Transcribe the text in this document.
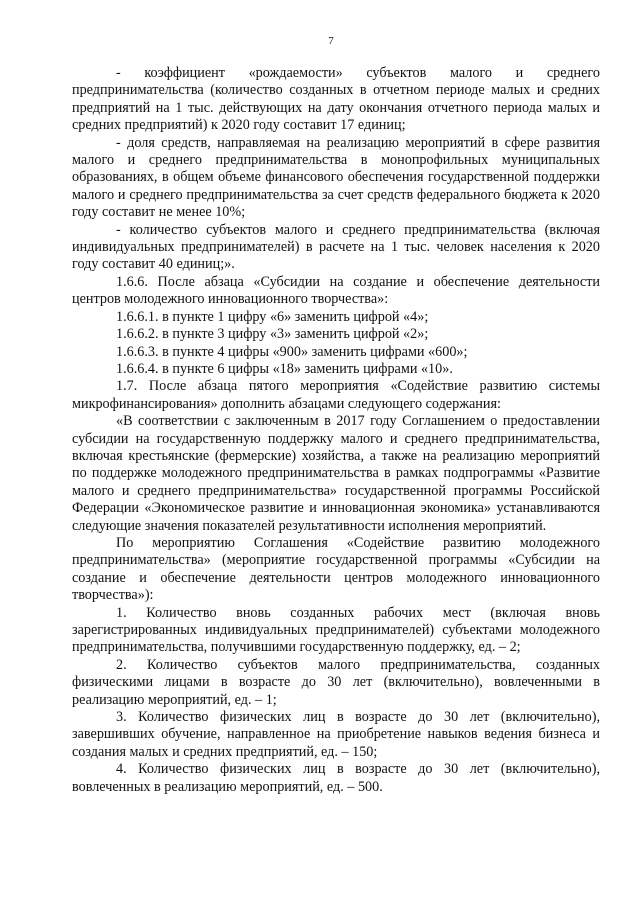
7

- коэффициент «рождаемости» субъектов малого и среднего предпринимательства (количество созданных в отчетном периоде малых и средних предприятий на 1 тыс. действующих на дату окончания отчетного периода малых и средних предприятий) к 2020 году составит 17 единиц;

- доля средств, направляемая на реализацию мероприятий в сфере развития малого и среднего предпринимательства в монопрофильных муниципальных образованиях, в общем объеме финансового обеспечения государственной поддержки малого и среднего предпринимательства за счет средств федерального бюджета к 2020 году составит не менее 10%;

- количество субъектов малого и среднего предпринимательства (включая индивидуальных предпринимателей) в расчете на 1 тыс. человек населения к 2020 году составит 40 единиц;».

1.6.6. После абзаца «Субсидии на создание и обеспечение деятельности центров молодежного инновационного творчества»:

1.6.6.1. в пункте 1 цифру «6» заменить цифрой «4»;

1.6.6.2. в пункте 3 цифру «3» заменить цифрой «2»;

1.6.6.3. в пункте 4 цифры «900» заменить цифрами «600»;

1.6.6.4. в пункте 6 цифры «18» заменить цифрами «10».

1.7. После абзаца пятого мероприятия «Содействие развитию системы микрофинансирования» дополнить абзацами следующего содержания:

«В соответствии с заключенным в 2017 году Соглашением о предоставлении субсидии на государственную поддержку малого и среднего предпринимательства, включая крестьянские (фермерские) хозяйства, а также на реализацию мероприятий по поддержке молодежного предпринимательства в рамках подпрограммы «Развитие малого и среднего предпринимательства» государственной программы Российской Федерации «Экономическое развитие и инновационная экономика» устанавливаются следующие значения показателей результативности исполнения мероприятий.

По мероприятию Соглашения «Содействие развитию молодежного предпринимательства» (мероприятие государственной программы «Субсидии на создание и обеспечение деятельности центров молодежного инновационного творчества»):

1. Количество вновь созданных рабочих мест (включая вновь зарегистрированных индивидуальных предпринимателей) субъектами молодежного предпринимательства, получившими государственную поддержку, ед. – 2;

2. Количество субъектов малого предпринимательства, созданных физическими лицами в возрасте до 30 лет (включительно), вовлеченными в реализацию мероприятий, ед. – 1;

3. Количество физических лиц в возрасте до 30 лет (включительно), завершивших обучение, направленное на приобретение навыков ведения бизнеса и создания малых и средних предприятий, ед. – 150;

4. Количество физических лиц в возрасте до 30 лет (включительно), вовлеченных в реализацию мероприятий, ед. – 500.
